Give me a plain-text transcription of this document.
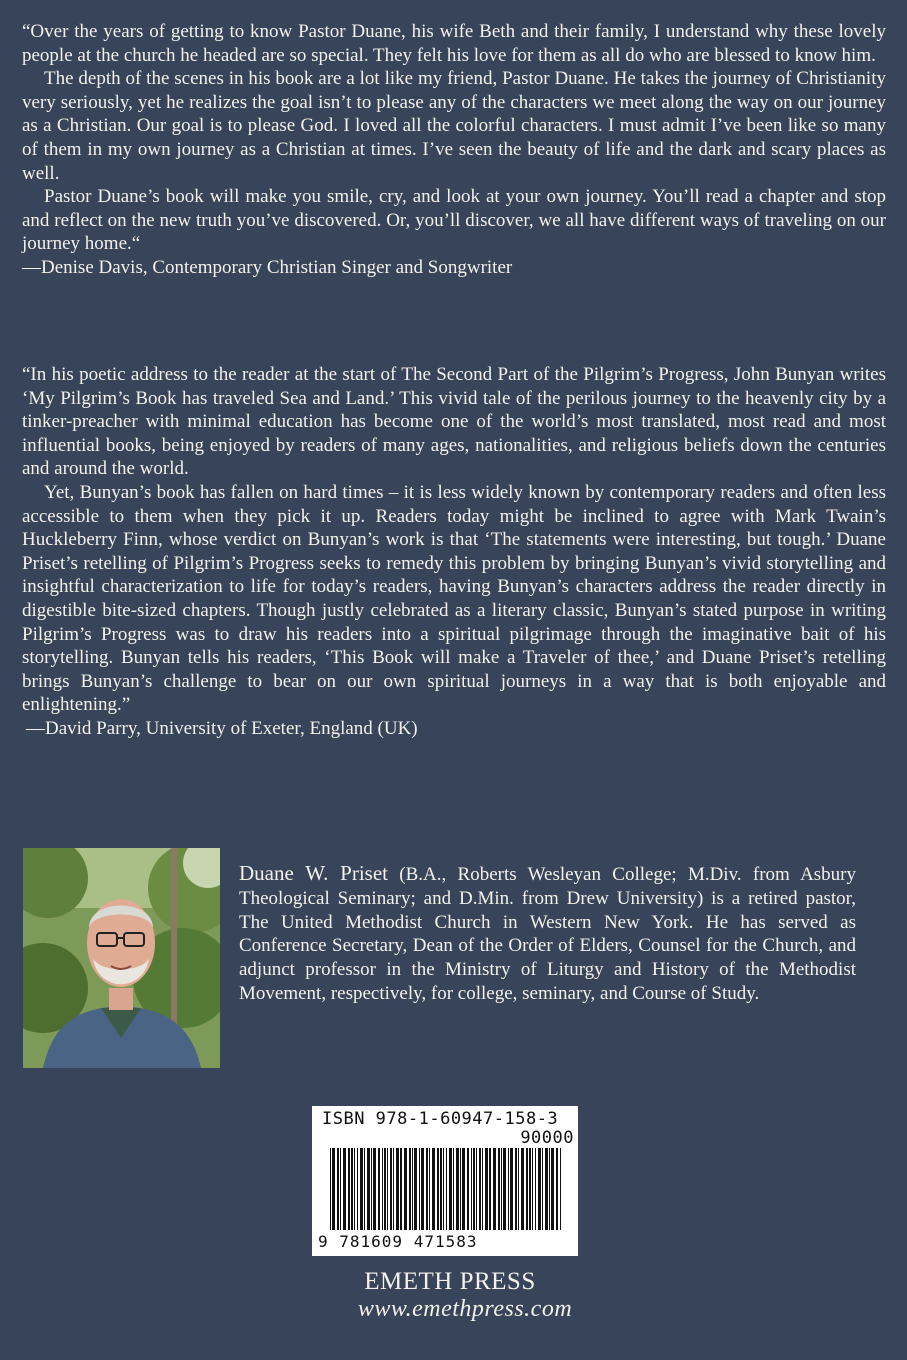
“Over the years of getting to know Pastor Duane, his wife Beth and their family, I understand why these lovely people at the church he headed are so special. They felt his love for them as all do who are blessed to know him.

The depth of the scenes in his book are a lot like my friend, Pastor Duane. He takes the journey of Christianity very seriously, yet he realizes the goal isn’t to please any of the characters we meet along the way on our journey as a Christian. Our goal is to please God. I loved all the colorful characters. I must admit I’ve been like so many of them in my own journey as a Christian at times. I’ve seen the beauty of life and the dark and scary places as well.

Pastor Duane’s book will make you smile, cry, and look at your own journey. You’ll read a chapter and stop and reflect on the new truth you’ve discovered. Or, you’ll discover, we all have different ways of traveling on our journey home.“

—Denise Davis, Contemporary Christian Singer and Songwriter

“In his poetic address to the reader at the start of The Second Part of the Pilgrim’s Progress, John Bunyan writes ‘My Pilgrim’s Book has traveled Sea and Land.’ This vivid tale of the perilous journey to the heavenly city by a tinker-preacher with minimal education has become one of the world’s most translated, most read and most influential books, being enjoyed by readers of many ages, nationalities, and religious beliefs down the centuries and around the world.

Yet, Bunyan’s book has fallen on hard times – it is less widely known by contemporary readers and often less accessible to them when they pick it up. Readers today might be inclined to agree with Mark Twain’s Huckleberry Finn, whose verdict on Bunyan’s work is that ‘The statements were interesting, but tough.’ Duane Priset’s retelling of Pilgrim’s Progress seeks to remedy this problem by bringing Bunyan’s vivid storytelling and insightful characterization to life for today’s readers, having Bunyan’s characters address the reader directly in digestible bite-sized chapters. Though justly celebrated as a literary classic, Bunyan’s stated purpose in writing Pilgrim’s Progress was to draw his readers into a spiritual pilgrimage through the imaginative bait of his storytelling. Bunyan tells his readers, ‘This Book will make a Traveler of thee,’ and Duane Priset’s retelling brings Bunyan’s challenge to bear on our own spiritual journeys in a way that is both enjoyable and enlightening.”

—David Parry, University of Exeter, England (UK)

Duane W. Priset (B.A., Roberts Wesleyan College; M.Div. from Asbury Theological Seminary; and D.Min. from Drew University) is a retired pastor, The United Methodist Church in Western New York. He has served as Conference Secretary, Dean of the Order of Elders, Counsel for the Church, and adjunct professor in the Ministry of Liturgy and History of the Methodist Movement, respectively, for college, seminary, and Course of Study.
ISBN 978-1-60947-158-3
90000
9 781609 471583
EMETH PRESS
www.emethpress.com
